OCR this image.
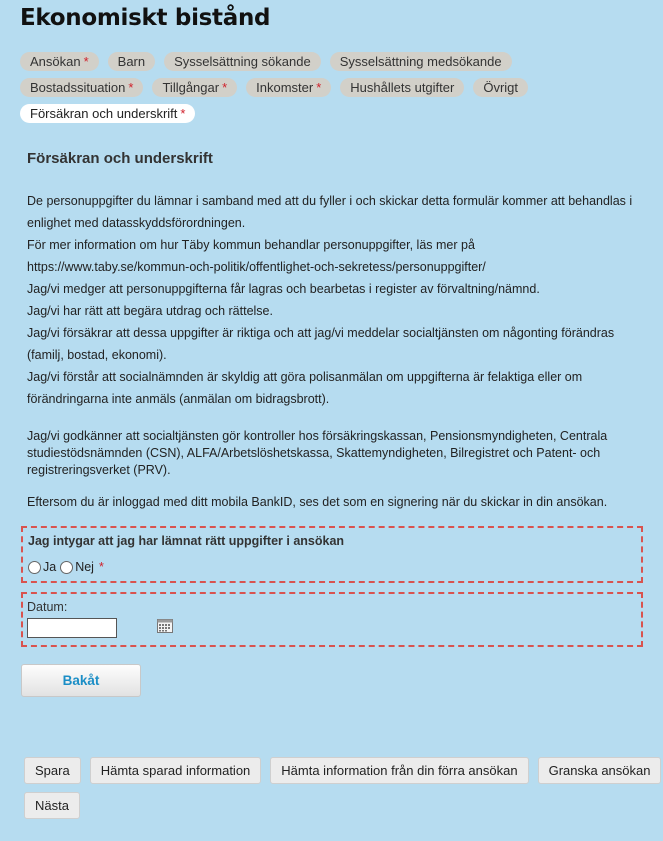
Ekonomiskt bistånd
Ansökan *	Barn	Sysselsättning sökande	Sysselsättning medsökande
Bostadssituation *	Tillgångar *	Inkomster *	Hushållets utgifter	Övrigt
Försäkran och underskrift *
Försäkran och underskrift

De personuppgifter du lämnar i samband med att du fyller i och skickar detta formulär kommer att behandlas i enlighet med datasskyddsförordningen.

För mer information om hur Täby kommun behandlar personuppgifter, läs mer på

https://www.taby.se/kommun-och-politik/offentlighet-och-sekretess/personuppgifter/

Jag/vi medger att personuppgifterna får lagras och bearbetas i register av förvaltning/nämnd.

Jag/vi har rätt att begära utdrag och rättelse.

Jag/vi försäkrar att dessa uppgifter är riktiga och att jag/vi meddelar socialtjänsten om någonting förändras (familj, bostad, ekonomi).

Jag/vi förstår att socialnämnden är skyldig att göra polisanmälan om uppgifterna är felaktiga eller om förändringarna inte anmäls (anmälan om bidragsbrott).

Jag/vi godkänner att socialtjänsten gör kontroller hos försäkringskassan, Pensionsmyndigheten, Centrala studiestödsnämnden (CSN), ALFA/Arbetslöshetskassa, Skattemyndigheten, Bilregistret och Patent- och registreringsverket (PRV).
Eftersom du är inloggad med ditt mobila BankID, ses det som en signering när du skickar in din ansökan.
Jag intygar att jag har lämnat rätt uppgifter i ansökan
Ja Nej *
Datum:
Bakåt
Spara	Hämta sparad information	Hämta information från din förra ansökan	Granska ansökan
Nästa
